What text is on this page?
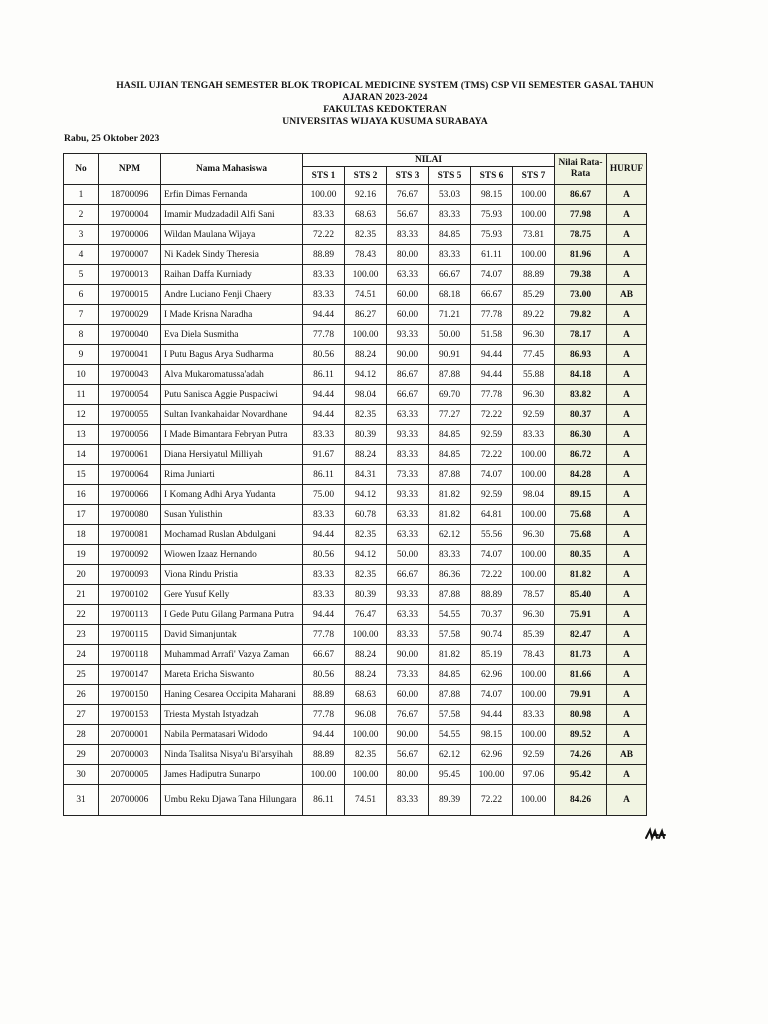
HASIL UJIAN TENGAH SEMESTER BLOK TROPICAL MEDICINE SYSTEM (TMS) CSP VII SEMESTER GASAL TAHUN
AJARAN 2023-2024
FAKULTAS KEDOKTERAN
UNIVERSITAS WIJAYA KUSUMA SURABAYA
Rabu, 25 Oktober 2023
No	NPM	Nama Mahasiswa	NILAI						Nilai Rata-Rata	HURUF
			STS 1	STS 2	STS 3	STS 5	STS 6	STS 7		
1	18700096	Erfin Dimas Fernanda	100.00	92.16	76.67	53.03	98.15	100.00	86.67	A
2	19700004	Imamir Mudzadadil Alfi Sani	83.33	68.63	56.67	83.33	75.93	100.00	77.98	A
3	19700006	Wildan Maulana Wijaya	72.22	82.35	83.33	84.85	75.93	73.81	78.75	A
4	19700007	Ni Kadek Sindy Theresia	88.89	78.43	80.00	83.33	61.11	100.00	81.96	A
5	19700013	Raihan Daffa Kurniady	83.33	100.00	63.33	66.67	74.07	88.89	79.38	A
6	19700015	Andre Luciano Fenji Chaery	83.33	74.51	60.00	68.18	66.67	85.29	73.00	AB
7	19700029	I Made Krisna Naradha	94.44	86.27	60.00	71.21	77.78	89.22	79.82	A
8	19700040	Eva Diela Susmitha	77.78	100.00	93.33	50.00	51.58	96.30	78.17	A
9	19700041	I Putu Bagus Arya Sudharma	80.56	88.24	90.00	90.91	94.44	77.45	86.93	A
10	19700043	Alva Mukaromatussa'adah	86.11	94.12	86.67	87.88	94.44	55.88	84.18	A
11	19700054	Putu Sanisca Aggie Puspaciwi	94.44	98.04	66.67	69.70	77.78	96.30	83.82	A
12	19700055	Sultan Ivankahaidar Novardhane	94.44	82.35	63.33	77.27	72.22	92.59	80.37	A
13	19700056	I Made Bimantara Febryan Putra	83.33	80.39	93.33	84.85	92.59	83.33	86.30	A
14	19700061	Diana Hersiyatul Milliyah	91.67	88.24	83.33	84.85	72.22	100.00	86.72	A
15	19700064	Rima Juniarti	86.11	84.31	73.33	87.88	74.07	100.00	84.28	A
16	19700066	I Komang Adhi Arya Yudanta	75.00	94.12	93.33	81.82	92.59	98.04	89.15	A
17	19700080	Susan Yulisthin	83.33	60.78	63.33	81.82	64.81	100.00	75.68	A
18	19700081	Mochamad Ruslan Abdulgani	94.44	82.35	63.33	62.12	55.56	96.30	75.68	A
19	19700092	Wiowen Izaaz Hernando	80.56	94.12	50.00	83.33	74.07	100.00	80.35	A
20	19700093	Viona Rindu Pristia	83.33	82.35	66.67	86.36	72.22	100.00	81.82	A
21	19700102	Gere Yusuf Kelly	83.33	80.39	93.33	87.88	88.89	78.57	85.40	A
22	19700113	I Gede Putu Gilang Parmana Putra	94.44	76.47	63.33	54.55	70.37	96.30	75.91	A
23	19700115	David Simanjuntak	77.78	100.00	83.33	57.58	90.74	85.39	82.47	A
24	19700118	Muhammad Arrafi' Vazya Zaman	66.67	88.24	90.00	81.82	85.19	78.43	81.73	A
25	19700147	Mareta Ericha Siswanto	80.56	88.24	73.33	84.85	62.96	100.00	81.66	A
26	19700150	Haning Cesarea Occipita Maharani	88.89	68.63	60.00	87.88	74.07	100.00	79.91	A
27	19700153	Triesta Mystah Istyadzah	77.78	96.08	76.67	57.58	94.44	83.33	80.98	A
28	20700001	Nabila Permatasari Widodo	94.44	100.00	90.00	54.55	98.15	100.00	89.52	A
29	20700003	Ninda Tsalitsa Nisya'u Bi'arsyihah	88.89	82.35	56.67	62.12	62.96	92.59	74.26	AB
30	20700005	James Hadiputra Sunarpo	100.00	100.00	80.00	95.45	100.00	97.06	95.42	A
31	20700006	Umbu Reku Djawa Tana Hilungara	86.11	74.51	83.33	89.39	72.22	100.00	84.26	A
